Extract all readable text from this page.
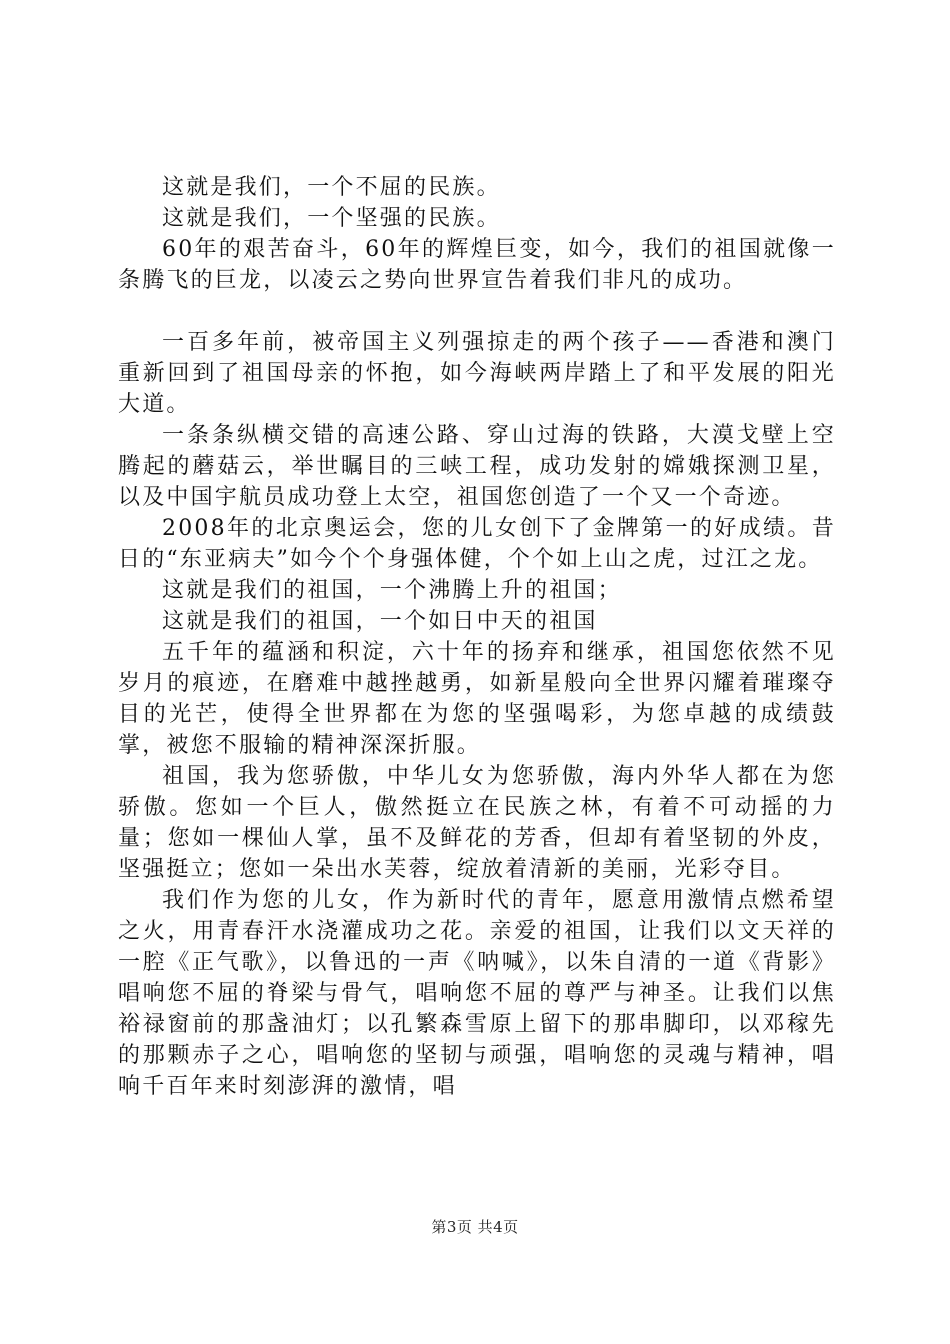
这就是我们，一个不屈的民族。

这就是我们，一个坚强的民族。

60年的艰苦奋斗，60年的辉煌巨变，如今，我们的祖国就像一条腾飞的巨龙，以凌云之势向世界宣告着我们非凡的成功。

一百多年前，被帝国主义列强掠走的两个孩子——香港和澳门重新回到了祖国母亲的怀抱，如今海峡两岸踏上了和平发展的阳光大道。

一条条纵横交错的高速公路、穿山过海的铁路，大漠戈壁上空腾起的蘑菇云，举世瞩目的三峡工程，成功发射的嫦娥探测卫星，以及中国宇航员成功登上太空，祖国您创造了一个又一个奇迹。

2008年的北京奥运会，您的儿女创下了金牌第一的好成绩。昔日的“东亚病夫”如今个个身强体健，个个如上山之虎，过江之龙。

这就是我们的祖国，一个沸腾上升的祖国；

这就是我们的祖国，一个如日中天的祖国

五千年的蕴涵和积淀，六十年的扬弃和继承，祖国您依然不见岁月的痕迹，在磨难中越挫越勇，如新星般向全世界闪耀着璀璨夺目的光芒，使得全世界都在为您的坚强喝彩，为您卓越的成绩鼓掌，被您不服输的精神深深折服。

祖国，我为您骄傲，中华儿女为您骄傲，海内外华人都在为您骄傲。您如一个巨人，傲然挺立在民族之林，有着不可动摇的力量；您如一棵仙人掌，虽不及鲜花的芳香，但却有着坚韧的外皮，坚强挺立；您如一朵出水芙蓉，绽放着清新的美丽，光彩夺目。

我们作为您的儿女，作为新时代的青年，愿意用激情点燃希望之火，用青春汗水浇灌成功之花。亲爱的祖国，让我们以文天祥的一腔《正气歌》，以鲁迅的一声《呐喊》，以朱自清的一道《背影》唱响您不屈的脊梁与骨气，唱响您不屈的尊严与神圣。让我们以焦裕禄窗前的那盏油灯；以孔繁森雪原上留下的那串脚印，以邓稼先的那颗赤子之心，唱响您的坚韧与顽强，唱响您的灵魂与精神，唱响千百年来时刻澎湃的激情，唱

第3页 共4页
